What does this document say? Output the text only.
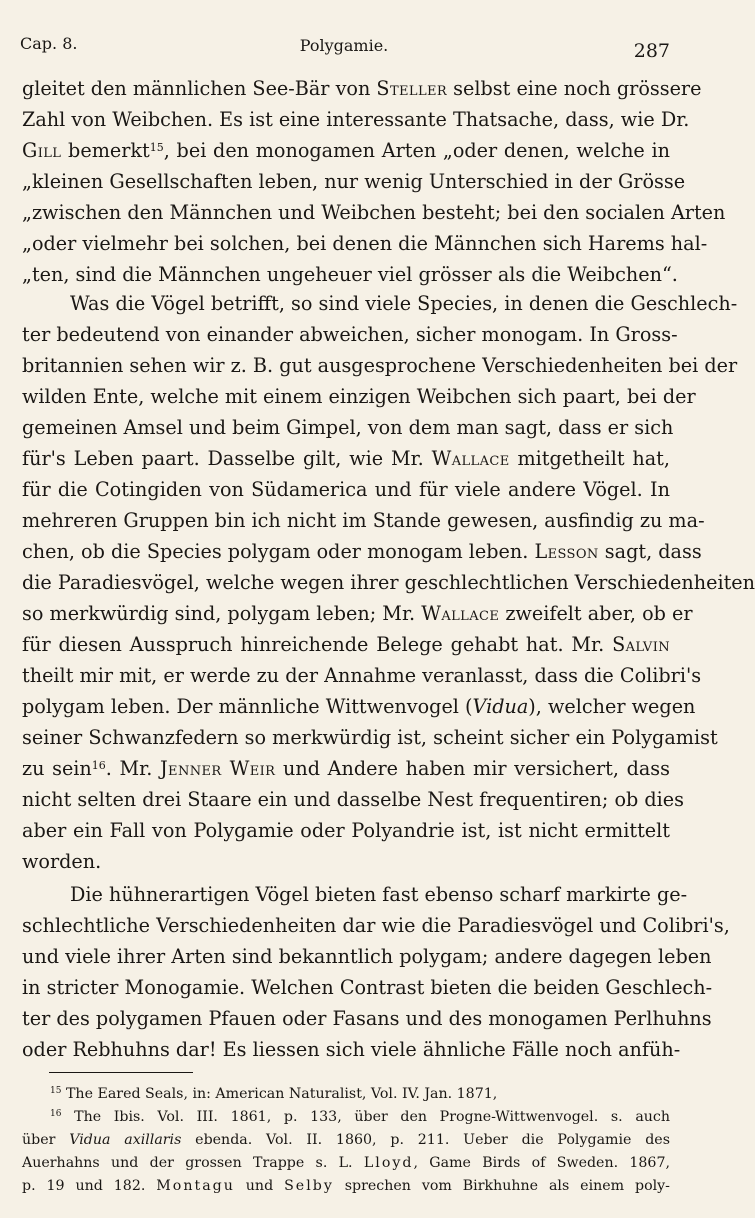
Cap. 8.	Polygamie.	287
gleitet den männlichen See-Bär von Steller selbst eine noch grössere
Zahl von Weibchen. Es ist eine interessante Thatsache, dass, wie Dr.
Gill bemerkt$^{15}$, bei den monogamen Arten „oder denen, welche in
„kleinen Gesellschaften leben, nur wenig Unterschied in der Grösse
„zwischen den Männchen und Weibchen besteht; bei den socialen Arten
„oder vielmehr bei solchen, bei denen die Männchen sich Harems hal-
„ten, sind die Männchen ungeheuer viel grösser als die Weibchen“.
Was die Vögel betrifft, so sind viele Species, in denen die Geschlech-
ter bedeutend von einander abweichen, sicher monogam. In Gross-
britannien sehen wir z. B. gut ausgesprochene Verschiedenheiten bei der
wilden Ente, welche mit einem einzigen Weibchen sich paart, bei der
gemeinen Amsel und beim Gimpel, von dem man sagt, dass er sich
für's Leben paart. Dasselbe gilt, wie Mr. Wallace mitgetheilt hat,
für die Cotingiden von Südamerica und für viele andere Vögel. In
mehreren Gruppen bin ich nicht im Stande gewesen, ausfindig zu ma-
chen, ob die Species polygam oder monogam leben. Lesson sagt, dass
die Paradiesvögel, welche wegen ihrer geschlechtlichen Verschiedenheiten
so merkwürdig sind, polygam leben; Mr. Wallace zweifelt aber, ob er
für diesen Ausspruch hinreichende Belege gehabt hat. Mr. Salvin
theilt mir mit, er werde zu der Annahme veranlasst, dass die Colibri's
polygam leben. Der männliche Wittwenvogel (Vidua), welcher wegen
seiner Schwanzfedern so merkwürdig ist, scheint sicher ein Polygamist
zu sein$^{16}$. Mr. Jenner Weir und Andere haben mir versichert, dass
nicht selten drei Staare ein und dasselbe Nest frequentiren; ob dies
aber ein Fall von Polygamie oder Polyandrie ist, ist nicht ermittelt
worden.
Die hühnerartigen Vögel bieten fast ebenso scharf markirte ge-
schlechtliche Verschiedenheiten dar wie die Paradiesvögel und Colibri's,
und viele ihrer Arten sind bekanntlich polygam; andere dagegen leben
in stricter Monogamie. Welchen Contrast bieten die beiden Geschlech-
ter des polygamen Pfauen oder Fasans und des monogamen Perlhuhns
oder Rebhuhns dar! Es liessen sich viele ähnliche Fälle noch anfüh-
$^{15}$ The Eared Seals, in: American Naturalist, Vol. IV. Jan. 1871,
$^{16}$ The Ibis. Vol. III. 1861, p. 133, über den Progne-Wittwenvogel. s. auch
über Vidua axillaris ebenda. Vol. II. 1860, p. 211. Ueber die Polygamie des
Auerhahns und der grossen Trappe s. L. Lloyd, Game Birds of Sweden. 1867,
p. 19 und 182. Montagu und Selby sprechen vom Birkhuhne als einem poly-
